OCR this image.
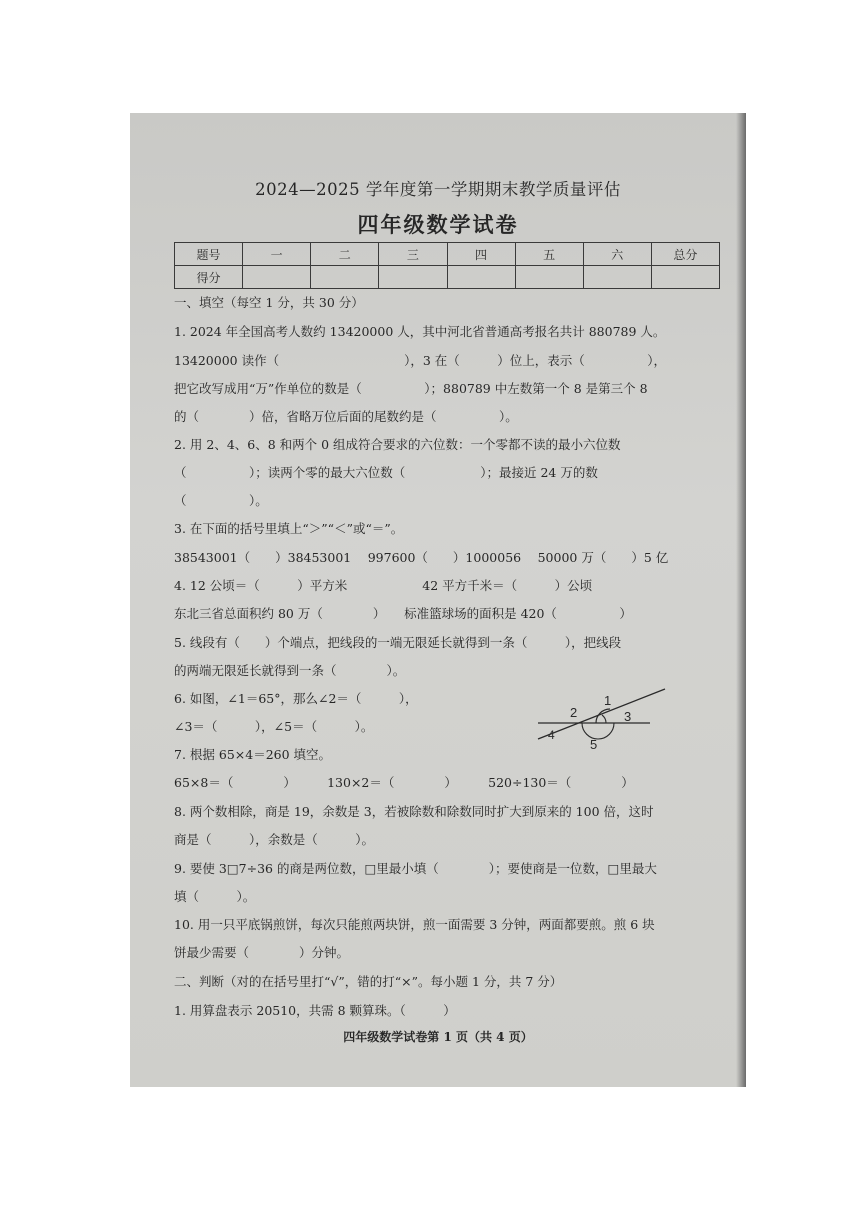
2024—2025 学年度第一学期期末教学质量评估
四年级数学试卷
题号	一	二	三	四	五	六	总分
得分							
一、填空（每空 1 分，共 30 分）
1. 2024 年全国高考人数约 13420000 人，其中河北省普通高考报名共计 880789 人。
13420000 读作（　　　　　　　　　　），3 在（　　　）位上，表示（　　　　　），
把它改写成用“万”作单位的数是（　　　　　）；880789 中左数第一个 8 是第三个 8
的（　　　　）倍，省略万位后面的尾数约是（　　　　　）。
2. 用 2、4、6、8 和两个 0 组成符合要求的六位数：一个零都不读的最小六位数
（　　　　　）；读两个零的最大六位数（　　　　　　）；最接近 24 万的数
（　　　　　）。
3. 在下面的括号里填上“＞”“＜”或“＝”。
38543001（　　）38453001　 997600（　　）1000056　 50000 万（　　）5 亿
4. 12 公顷＝（　　　）平方米　　　　　　42 平方千米＝（　　　）公顷
东北三省总面积约 80 万（　　　　）　　标准篮球场的面积是 420（　　　　　）
5. 线段有（　　）个端点，把线段的一端无限延长就得到一条（　　　），把线段
的两端无限延长就得到一条（　　　　）。
6. 如图，∠1＝65°，那么∠2＝（　　　），
∠3＝（　　　），∠5＝（　　　）。
7. 根据 65×4＝260 填空。
65×8＝（　　　　）　　　130×2＝（　　　　）　　　520÷130＝（　　　　）
8. 两个数相除，商是 19，余数是 3，若被除数和除数同时扩大到原来的 100 倍，这时
商是（　　　），余数是（　　　）。
9. 要使 3□7÷36 的商是两位数，□里最小填（　　　　）；要使商是一位数，□里最大
填（　　　）。
10. 用一只平底锅煎饼，每次只能煎两块饼，煎一面需要 3 分钟，两面都要煎。煎 6 块
饼最少需要（　　　　）分钟。
二、判断（对的在括号里打“√”，错的打“×”。每小题 1 分，共 7 分）
1. 用算盘表示 20510，共需 8 颗算珠。（　　　）
1
2	3
4
5
四年级数学试卷第 1 页（共 4 页）
